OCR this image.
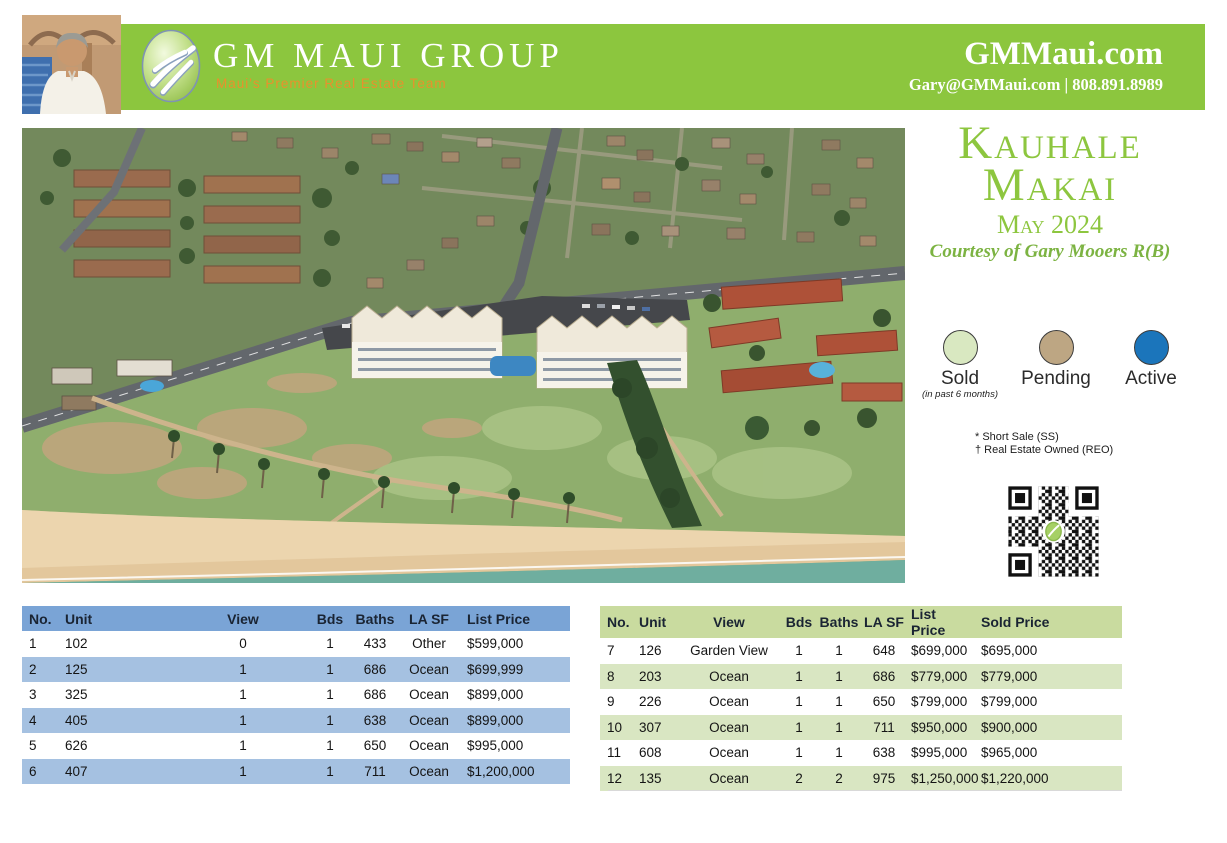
GM MAUI GROUP
Maui's Premier Real Estate Team
GMMaui.com
Gary@GMMaui.com | 808.891.8989
Kauhale
Makai
May 2024
Courtesy of Gary Mooers R(B)
Sold
(in past 6 months)
Pending	Active
* Short Sale (SS)
† Real Estate Owned (REO)
No.	Unit	View	Bds	Baths	LA SF	List Price
1	102	0	1	433	Other	$599,000
2	125	1	1	686	Ocean	$699,999
3	325	1	1	686	Ocean	$899,000
4	405	1	1	638	Ocean	$899,000
5	626	1	1	650	Ocean	$995,000
6	407	1	1	711	Ocean	$1,200,000
No.	Unit	View	Bds	Baths	LA SF	List Price	Sold Price
7	126	Garden View	1	1	648	$699,000	$695,000
8	203	Ocean	1	1	686	$779,000	$779,000
9	226	Ocean	1	1	650	$799,000	$799,000
10	307	Ocean	1	1	711	$950,000	$900,000
11	608	Ocean	1	1	638	$995,000	$965,000
12	135	Ocean	2	2	975	$1,250,000	$1,220,000
